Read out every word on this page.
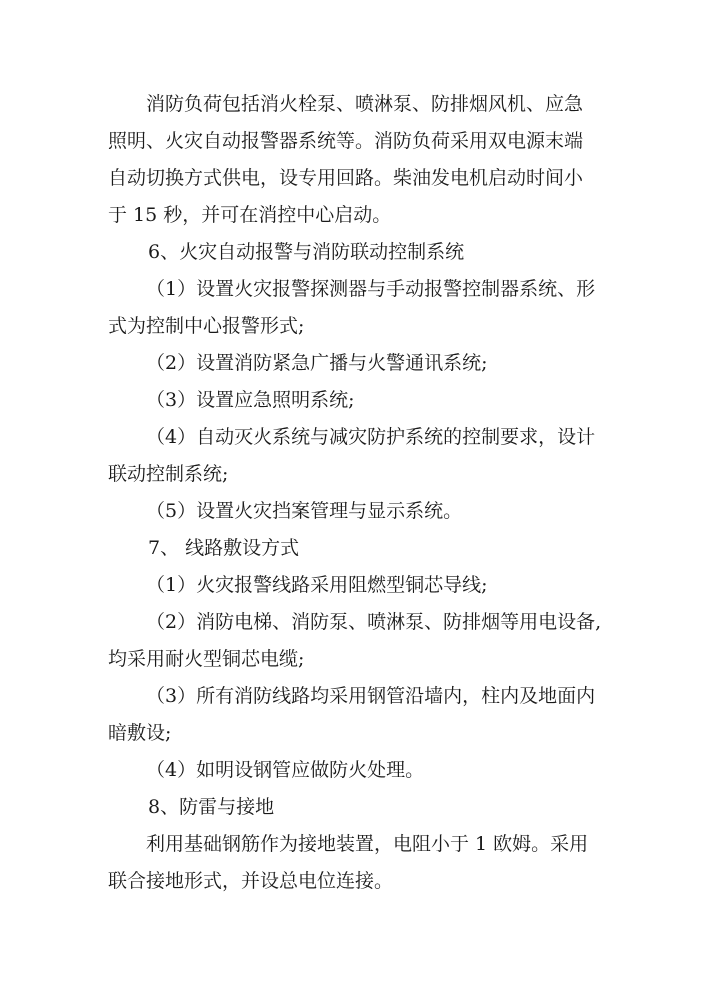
消防负荷包括消火栓泵、喷淋泵、防排烟风机、应急
照明、火灾自动报警器系统等。消防负荷采用双电源末端
自动切换方式供电，设专用回路。柴油发电机启动时间小
于 15 秒，并可在消控中心启动。
6、火灾自动报警与消防联动控制系统
（1）设置火灾报警探测器与手动报警控制器系统、形
式为控制中心报警形式;
（2）设置消防紧急广播与火警通讯系统;
（3）设置应急照明系统;
（4）自动灭火系统与减灾防护系统的控制要求，设计
联动控制系统;
（5）设置火灾挡案管理与显示系统。
7、 线路敷设方式
（1）火灾报警线路采用阻燃型铜芯导线;
（2）消防电梯、消防泵、喷淋泵、防排烟等用电设备,
均采用耐火型铜芯电缆;
（3）所有消防线路均采用钢管沿墙内，柱内及地面内
暗敷设;
（4）如明设钢管应做防火处理。
8、防雷与接地
利用基础钢筋作为接地装置，电阻小于 1 欧姆。采用
联合接地形式，并设总电位连接。
